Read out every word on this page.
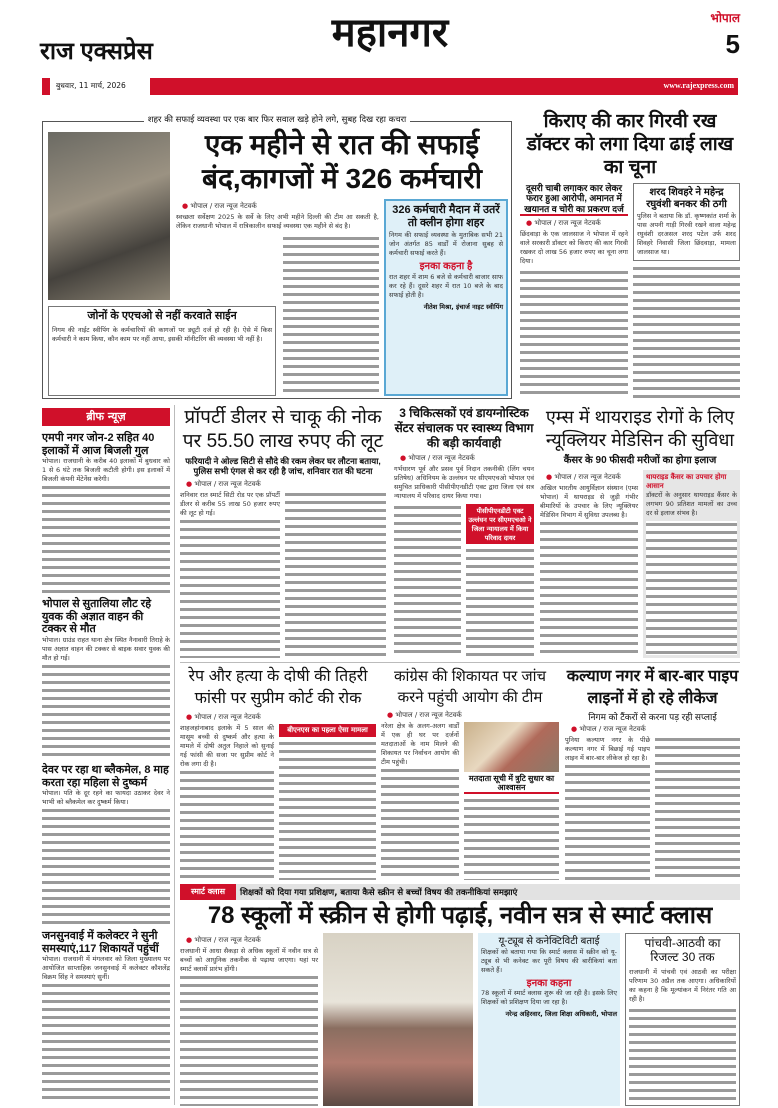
राज एक्सप्रेस	महानगर	भोपाल
5
बुधवार, 11 मार्च, 2026	www.rajexpress.com
शहर की सफाई व्यवस्था पर एक बार फिर सवाल खड़े होने लगे, सुबह दिख रहा कचरा
एक महीने से रात की सफाई बंद,कागजों में 326 कर्मचारी
● भोपाल / राज न्यूज नेटवर्क
स्वच्छता सर्वेक्षण 2025 के सर्वे के लिए अभी महीने दिल्ली की टीम आ सकती है, लेकिन राजधानी भोपाल में रात्रिकालीन सफाई व्यवस्था एक महीने से बंद है।
326 कर्मचारी मैदान में उतरें तो क्लीन होगा शहर
निगम की सफाई व्यवस्था के मुताबिक सभी 21 जोन अंतर्गत 85 वार्डों में रोजाना सुबह से कर्मचारी सफाई करते हैं।
इनका कहना है
रात शहर में शाम 6 बजे से कर्मचारी बाजार साफ कर रहे हैं। दूसरे शहर में रात 10 बजे के बाद सफाई होती है।
नीतेश मिश्रा, इंचार्ज नाइट स्वीपिंग
जोनों के एएचओ से नहीं करवाते साईन
निगम की नाईट स्वीपिंग के कर्मचारियों की कागजों पर ड्यूटी दर्ज हो रही है। ऐसे में किस कर्मचारी ने काम किया, कौन काम पर नहीं आया, इसकी मॉनीटरिंग की व्यवस्था भी नहीं है।
किराए की कार गिरवी रख डॉक्टर को लगा दिया ढाई लाख का चूना
दूसरी चाबी लगाकर कार लेकर फरार हुआ आरोपी, अमानत में खयानत व चोरी का प्रकरण दर्ज
● भोपाल / राज न्यूज नेटवर्क
छिंदवाड़ा के एक जालसाज ने भोपाल में रहने वाले सरकारी डॉक्टर को किराए की कार गिरवी रखकर दो लाख 56 हजार रुपए का चूना लगा दिया।
शरद शिवहरे ने महेन्द्र रघुवंशी बनकर की ठगी
पुलिस ने बताया कि डॉ. कृष्णकांत शर्मा के पास अपनी गाड़ी गिरवी रखने वाला महेन्द्र रघुवंशी दरअसल शरद पटेल उर्फ शरद शिवहरे निवासी जिला छिंदवाड़ा, मामला जालसाज था।
ब्रीफ न्यूज़
एमपी नगर जोन-2 सहित 40 इलाकों में आज बिजली गुल
भोपाल। राजधानी के करीब 40 इलाकों में बुधवार को 1 से 6 घंटे तक बिजली कटौती होगी। इस इलाकों में बिजली कंपनी मेंटेनेंस करेगी।
भोपाल से सुतालिया लौट रहे युवक की अज्ञात वाहन की टक्कर से मौत
भोपाल। ग्राउंड राहत थाना क्षेत्र स्थित नैनावारी तिराहे के पास अज्ञात वाहन की टक्कर से बाइक सवार युवक की मौत हो गई।
देवर पर रहा था ब्लैकमेल, 8 माह करता रहा महिला से दुष्कर्म
भोपाल। पति के दूर रहने का फायदा उठाकर देवर ने भाभी को ब्लैकमेल कर दुष्कर्म किया।
जनसुनवाई में कलेक्टर ने सुनी समस्याएं,117 शिकायतें पहुंचीं
भोपाल। राजधानी में मंगलवार को जिला मुख्यालय पर आयोजित साप्ताहिक जनसुनवाई में कलेक्टर कौशलेंद्र विक्रम सिंह ने समस्याएं सुनीं।
प्रॉपर्टी डीलर से चाकू की नोक पर 55.50 लाख रुपए की लूट
फरियादी ने ओल्ड सिटी से सौदे की रकम लेकर घर लौटना बताया, पुलिस सभी एंगल से कर रही है जांच, शनिवार रात की घटना
● भोपाल / राज न्यूज नेटवर्क
शनिवार रात स्मार्ट सिटी रोड पर एक प्रॉपर्टी डीलर से करीब 55 लाख 50 हजार रुपए की लूट हो गई।
3 चिकित्सकों एवं डायग्नोस्टिक सेंटर संचालक पर स्वास्थ्य विभाग की बड़ी कार्यवाही
● भोपाल / राज न्यूज नेटवर्क
गर्भधारण पूर्व और प्रसव पूर्व निदान तकनीकी (लिंग चयन प्रतिषेध) अधिनियम के उल्लंघन पर सीएमएचओ भोपाल एवं समुचित प्राधिकारी पीसीपीएनडीटी एक्ट द्वारा जिला एवं सत्र न्यायालय में परिवाद दायर किया गया।
पीसीपीएनडीटी एक्ट उल्लंघन पर सीएमएचओ ने जिला न्यायालय में किया परिवाद दायर
एम्स में थायराइड रोगों के लिए न्यूक्लियर मेडिसिन की सुविधा
कैंसर के 90 फीसदी मरीजों का होगा इलाज
● भोपाल / राज न्यूज नेटवर्क
अखिल भारतीय आयुर्विज्ञान संस्थान (एम्स भोपाल) में थायराइड से जुड़ी गंभीर बीमारियों के उपचार के लिए न्यूक्लियर मेडिसिन विभाग में सुविधा उपलब्ध है।
थायराइड कैंसर का उपचार होगा आसान
डॉक्टरों के अनुसार थायराइड कैंसर के लगभग 90 प्रतिशत मामलों का उच्च दर से इलाज संभव है।
रेप और हत्या के दोषी की तिहरी फांसी पर सुप्रीम कोर्ट की रोक
● भोपाल / राज न्यूज नेटवर्क
शाहजहांनाबाद इलाके में 5 साल की मासूम बच्ची से दुष्कर्म और हत्या के मामले में दोषी अतुल निहाले को सुनाई गई फांसी की सजा पर सुप्रीम कोर्ट ने रोक लगा दी है।
बीएनएस का पहला ऐसा मामला
कांग्रेस की शिकायत पर जांच करने पहुंची आयोग की टीम
● भोपाल / राज न्यूज नेटवर्क
नरेला क्षेत्र के अलग-अलग वार्डों में एक ही घर पर दर्जनों मतदाताओं के नाम मिलने की शिकायत पर निर्वाचन आयोग की टीम पहुंची।
मतदाता सूची में त्रुटि सुधार का आश्वासन
कल्याण नगर में बार-बार पाइप लाइनों में हो रहे लीकेज
निगम को टैंकरों से करना पड़ रही सप्लाई
● भोपाल / राज न्यूज नेटवर्क
पुनिया कल्याण नगर के पीछे कल्याण नगर में बिछाई गई पाइप लाइन में बार-बार लीकेज हो रहा है।
स्मार्ट क्लास	शिक्षकों को दिया गया प्रशिक्षण, बताया कैसे स्क्रीन से बच्चों विषय की तकनीकियां समझाएं
78 स्कूलों में स्क्रीन से होगी पढ़ाई, नवीन सत्र से स्मार्ट क्लास
● भोपाल / राज न्यूज नेटवर्क
राजधानी में आधा सैकड़ा से अधिक स्कूलों में नवीन सत्र से बच्चों को आधुनिक तकनीक से पढ़ाया जाएगा। यहां पर स्मार्ट क्लासें प्रारंभ होंगी।
यू-ट्यूब से कनेक्टिविटी बताई
शिक्षकों को बताया गया कि स्मार्ट क्लास में स्क्रीन को यू-ट्यूब से भी कनेक्ट कर पूरी विषय की बारीकियां बता सकते हैं।
इनका कहना
78 स्कूलों में स्मार्ट क्लास शुरू की जा रही है। इसके लिए शिक्षकों को प्रशिक्षण दिया जा रहा है।
नरेन्द्र अहिरवार, जिला शिक्षा अधिकारी, भोपाल
पांचवी-आठवी का रिजल्ट 30 तक
राजधानी में पांचवी एवं आठवी का परीक्षा परिणाम 30 अप्रैल तक आएगा। अधिकारियों का कहना है कि मूल्यांकन में निरंतर गति आ रही है।
